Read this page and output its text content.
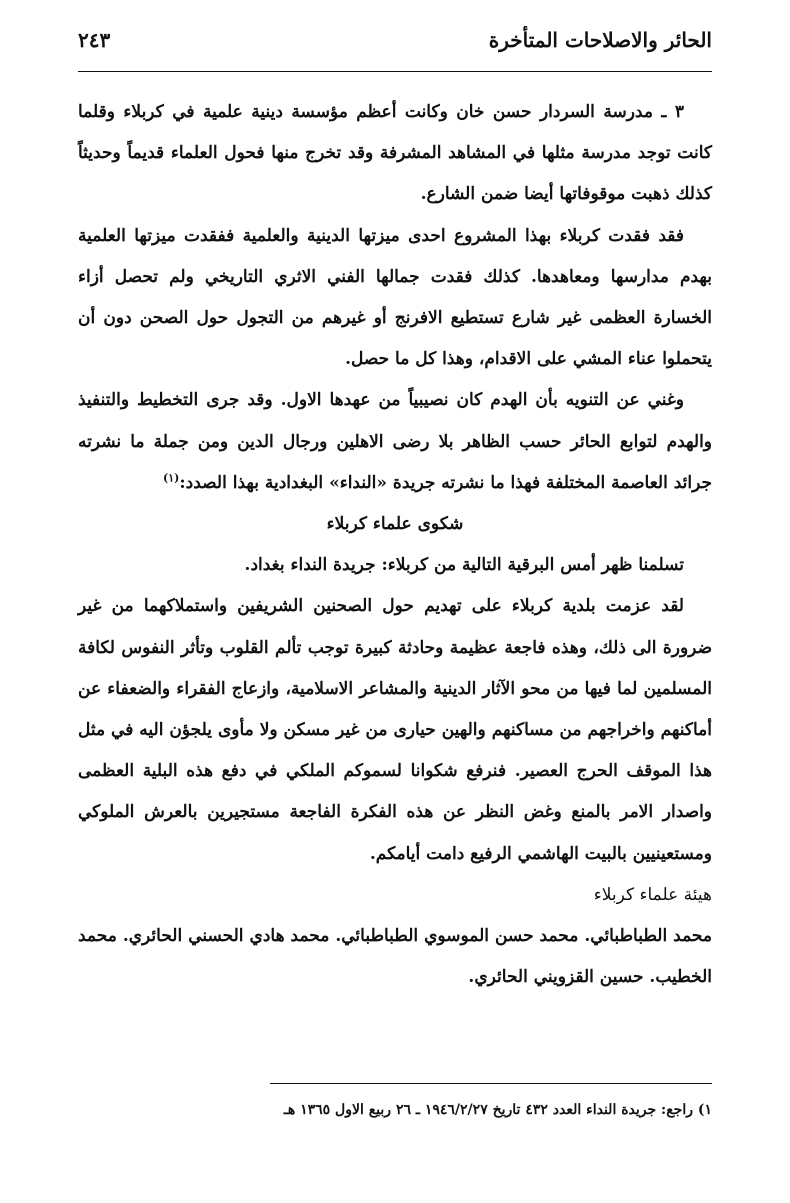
الحائر والاصلاحات المتأخرة
٢٤٣

٣ ـ مدرسة السردار حسن خان وكانت أعظم مؤسسة دينية علمية في كربلاء وقلما كانت توجد مدرسة مثلها في المشاهد المشرفة وقد تخرج منها فحول العلماء قديماً وحديثاً كذلك ذهبت موقوفاتها أيضا ضمن الشارع.

فقد فقدت كربلاء بهذا المشروع احدى ميزتها الدينية والعلمية ففقدت ميزتها العلمية بهدم مدارسها ومعاهدها. كذلك فقدت جمالها الفني الاثري التاريخي ولم تحصل أزاء الخسارة العظمى غير شارع تستطيع الافرنج أو غيرهم من التجول حول الصحن دون أن يتحملوا عناء المشي على الاقدام، وهذا كل ما حصل.

وغني عن التنويه بأن الهدم كان نصيبياً من عهدها الاول. وقد جرى التخطيط والتنفيذ والهدم لتوابع الحائر حسب الظاهر بلا رضى الاهلين ورجال الدين ومن جملة ما نشرته جرائد العاصمة المختلفة فهذا ما نشرته جريدة «النداء» البغدادية بهذا الصدد:$^{(١)}$

شكوى علماء كربلاء

تسلمنا ظهر أمس البرقية التالية من كربلاء: جريدة النداء بغداد.

لقد عزمت بلدية كربلاء على تهديم حول الصحنين الشريفين واستملاكهما من غير ضرورة الى ذلك، وهذه فاجعة عظيمة وحادثة كبيرة توجب تألم القلوب وتأثر النفوس لكافة المسلمين لما فيها من محو الآثار الدينية والمشاعر الاسلامية، وازعاج الفقراء والضعفاء عن أماكنهم واخراجهم من مساكنهم والهين حيارى من غير مسكن ولا مأوى يلجؤن اليه في مثل هذا الموقف الحرج العصير. فنرفع شكوانا لسموكم الملكي في دفع هذه البلية العظمى واصدار الامر بالمنع وغض النظر عن هذه الفكرة الفاجعة مستجيرين بالعرش الملوكي ومستعينيين بالبيت الهاشمي الرفيع دامت أيامكم.

هيئة علماء كربلاء

محمد الطباطبائي. محمد حسن الموسوي الطباطبائي. محمد هادي الحسني الحائري. محمد الخطيب. حسين القزويني الحائري.

١) راجع: جريدة النداء العدد ٤٣٢ تاريخ ١٩٤٦/٢/٢٧ ـ ٢٦ ربيع الاول ١٣٦٥ هـ
